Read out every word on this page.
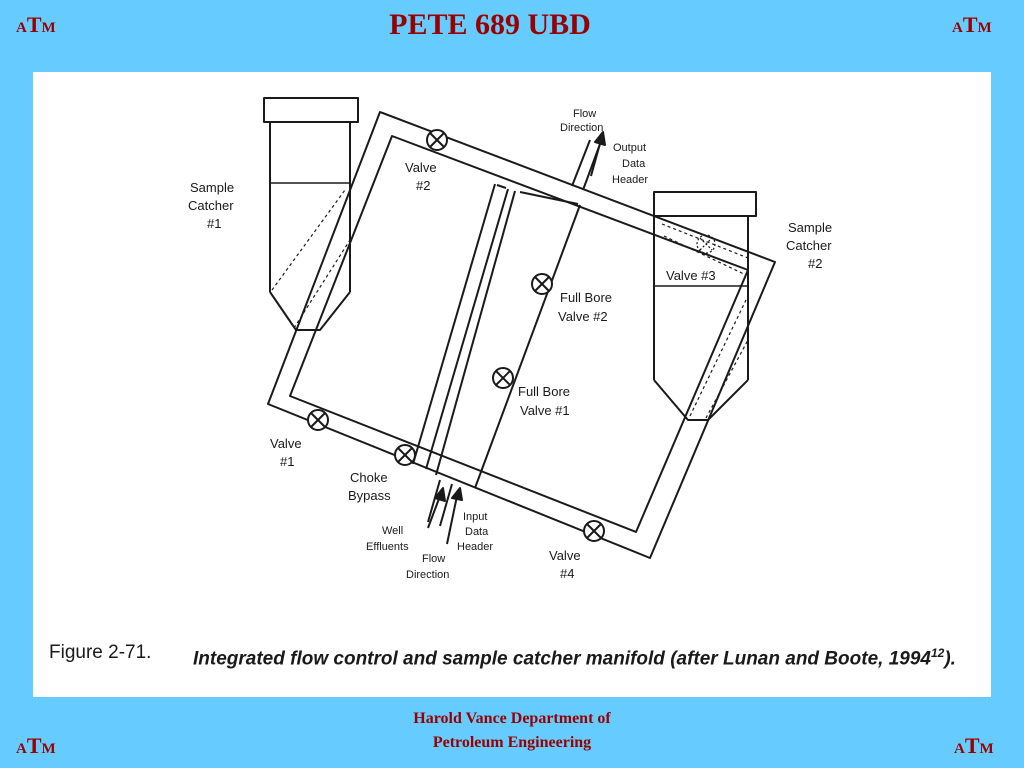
ATM	PETE 689 UBD	ATM
Sample Catcher #1
Valve #2
Flow Direction
Output Data Header
Sample Catcher #2
Valve #3
Full Bore Valve #2
Full Bore Valve #1
Valve #1
Choke Bypass
Input Data Header
Well Effluents
Flow Direction
Valve #4
Figure 2-71. Integrated flow control and sample catcher manifold (after Lunan and Boote, 1994$^{12}$).
ATM
Harold Vance Department of
Petroleum Engineering	ATM
